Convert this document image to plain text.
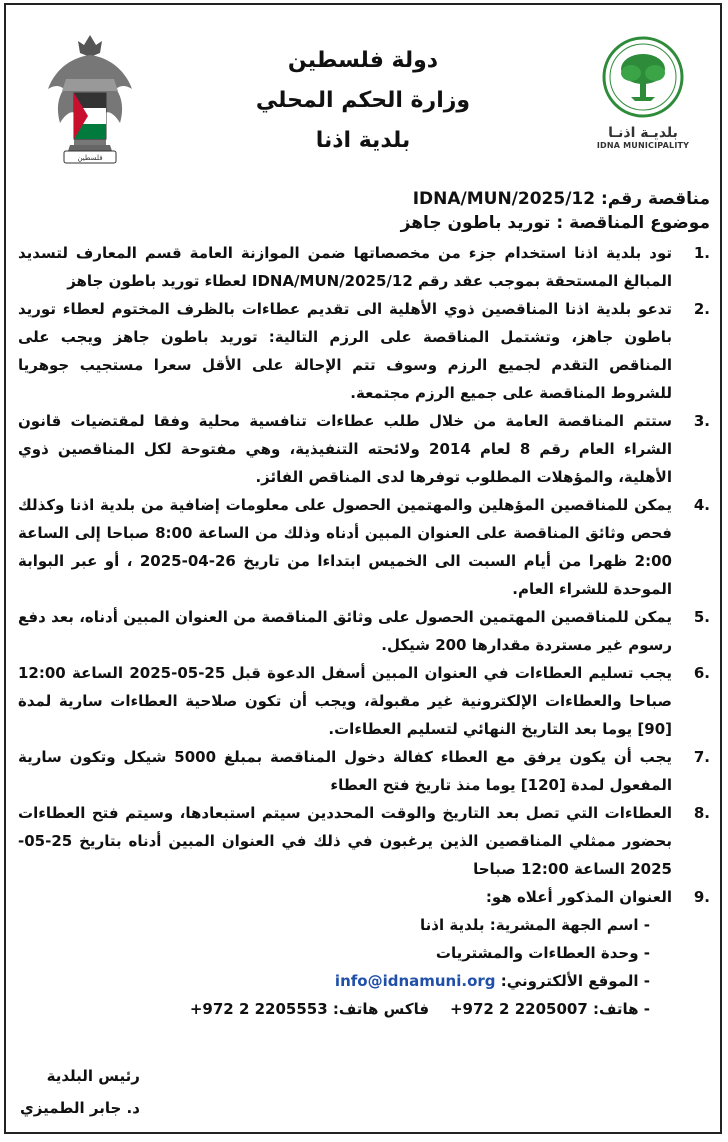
فلسطين
دولة فلسطين
وزارة الحكم المحلي
بلدية اذنا	بلديـة اذنـا
IDNA MUNICIPALITY
مناقصة رقم: IDNA/MUN/2025/12
موضوع المناقصة : توريد باطون جاهز
1.
تود بلدية اذنا استخدام جزء من مخصصاتها ضمن الموازنة العامة قسم المعارف لتسديد المبالغ المستحقة بموجب عقد رقم IDNA/MUN/2025/12 لعطاء توريد باطون جاهز
2.
تدعو بلدية اذنا المناقصين ذوي الأهلية الى تقديم عطاءات بالظرف المختوم لعطاء توريد باطون جاهز، وتشتمل المناقصة على الرزم التالية: توريد باطون جاهز ويجب على المناقص التقدم لجميع الرزم وسوف تتم الإحالة على الأقل سعرا مستجيب جوهريا للشروط المناقصة على جميع الرزم مجتمعة.
3.
ستتم المناقصة العامة من خلال طلب عطاءات تنافسية محلية وفقا لمقتضيات قانون الشراء العام رقم 8 لعام 2014 ولائحته التنفيذية، وهي مفتوحة لكل المناقصين ذوي الأهلية، والمؤهلات المطلوب توفرها لدى المناقص الفائز.
4.
يمكن للمناقصين المؤهلين والمهتمين الحصول على معلومات إضافية من بلدية اذنا وكذلك فحص وثائق المناقصة على العنوان المبين أدناه وذلك من الساعة 8:00 صباحا إلى الساعة 2:00 ظهرا من أيام السبت الى الخميس ابتداءا من تاريخ 26-04-2025 ، أو عبر البوابة الموحدة للشراء العام.
5.
يمكن للمناقصين المهتمين الحصول على وثائق المناقصة من العنوان المبين أدناه، بعد دفع رسوم غير مستردة مقدارها 200 شيكل.
6.
يجب تسليم العطاءات في العنوان المبين أسفل الدعوة قبل 25-05-2025 الساعة 12:00 صباحا والعطاءات الإلكترونية غير مقبولة، ويجب أن تكون صلاحية العطاءات سارية لمدة [90] يوما بعد التاريخ النهائي لتسليم العطاءات.
7.
يجب أن يكون يرفق مع العطاء كفالة دخول المناقصة بمبلغ 5000 شيكل وتكون سارية المفعول لمدة [120] يوما منذ تاريخ فتح العطاء
8.
العطاءات التي تصل بعد التاريخ والوقت المحددين سيتم استبعادها، وسيتم فتح العطاءات بحضور ممثلي المناقصين الذين يرغبون في ذلك في العنوان المبين أدناه بتاريخ 25-05-2025 الساعة 12:00 صباحا
9.
العنوان المذكور أعلاه هو:
- اسم الجهة المشرية: بلدية اذنا
- وحدة العطاءات والمشتريات
- الموقع الألكتروني: info@idnamuni.org
- هاتف: +972 2 2205007    فاكس هاتف: +972 2 2205553
رئيس البلدية
د. جابر الطميزي
